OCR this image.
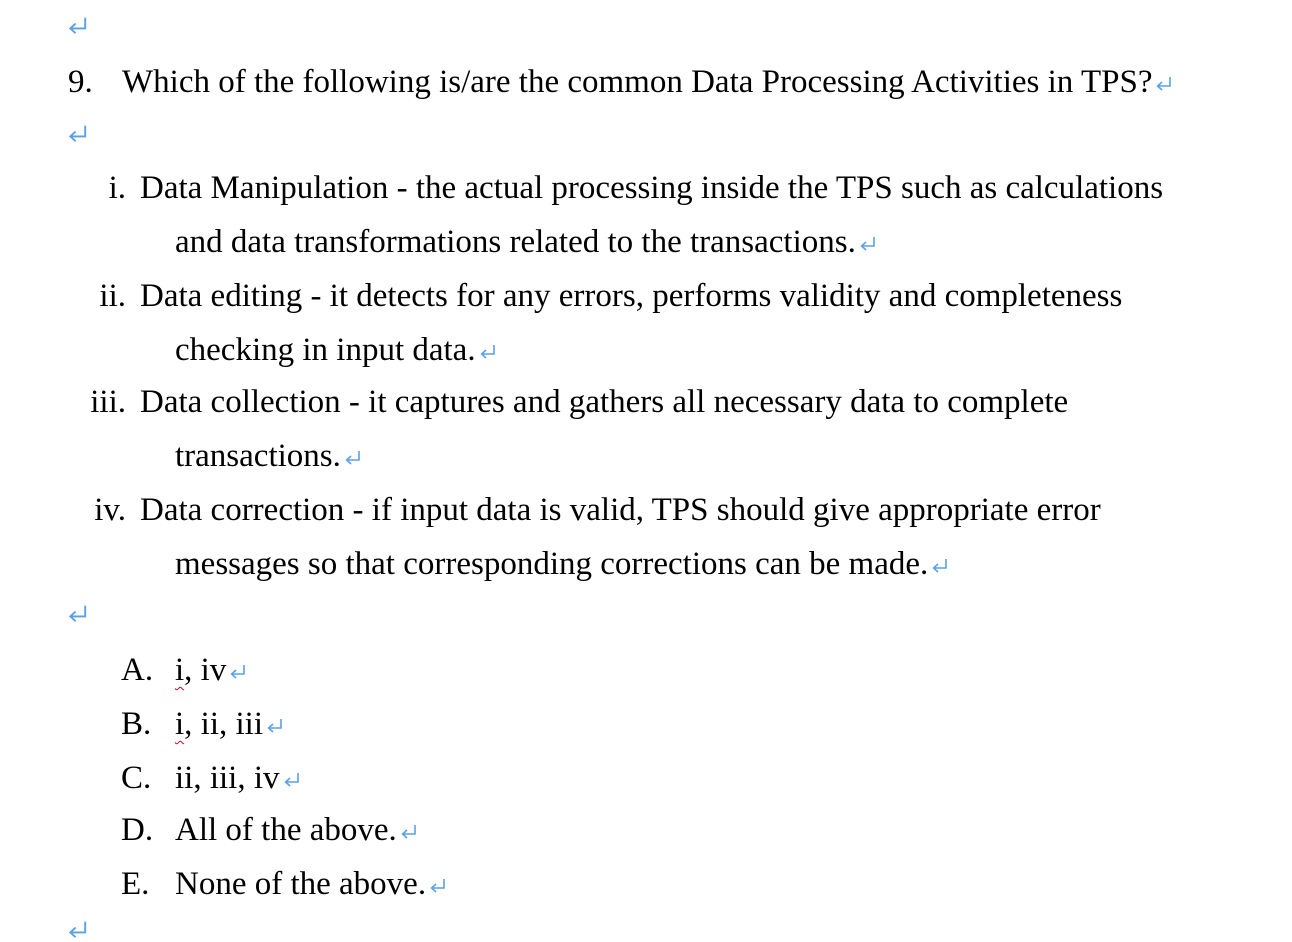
9. Which of the following is/are the common Data Processing Activities in TPS?
i. Data Manipulation - the actual processing inside the TPS such as calculations
and data transformations related to the transactions.
ii. Data editing - it detects for any errors, performs validity and completeness
checking in input data.
iii. Data collection - it captures and gathers all necessary data to complete
transactions.
iv. Data correction - if input data is valid, TPS should give appropriate error
messages so that corresponding corrections can be made.
A. i, iv
B. i, ii, iii
C. ii, iii, iv
D. All of the above.
E. None of the above.
